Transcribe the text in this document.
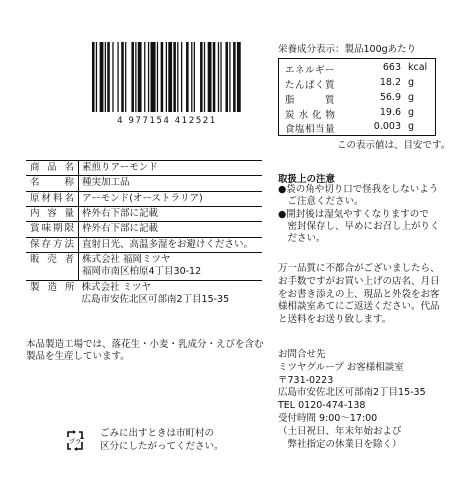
4 977154 412521
栄養成分表示：製品100gあたり
エネルギー	663 kcal
たんぱく質	18.2 g
脂　　　質	56.9 g
炭 水 化 物	19.6 g
食塩相当量	0.003 g
この表示値は、目安です。
商品名	素煎りアーモンド
名称	種実加工品
原材料名	アーモンド(オーストラリア)
内容量	枠外右下部に記載
賞味期限	枠外右下部に記載
保存方法	直射日光、高温多湿をお避けください。
販売者	株式会社 福岡ミツヤ
福岡市南区柏原4丁目30-12

製造所	株式会社 ミツヤ
広島市安佐北区可部南2丁目15-35
本品製造工場では、落花生・小麦・乳成分・えびを含む
製品を生産しています。
取扱上の注意
●袋の角や切り口で怪我をしないよう
　ご注意ください。
●開封後は湿気やすくなりますので
　密封保存し、早めにお召し上がりく
　ださい。
万一品質に不都合がございましたら、
お手数ですがお買い上げの店名、月日
をお書き添えの上、現品と外袋をお客
様相談室あてにご返送ください。代品
と送料をお送り致します。
お問合せ先
ミツヤグループ お客様相談室
〒731-0223
広島市安佐北区可部南2丁目15-35
TEL 0120-474-138
受付時間 9:00～17:00
（土日祝日、年末年始および
　弊社指定の休業日を除く）
プラ
ごみに出すときは市町村の
区分にしたがってください。
